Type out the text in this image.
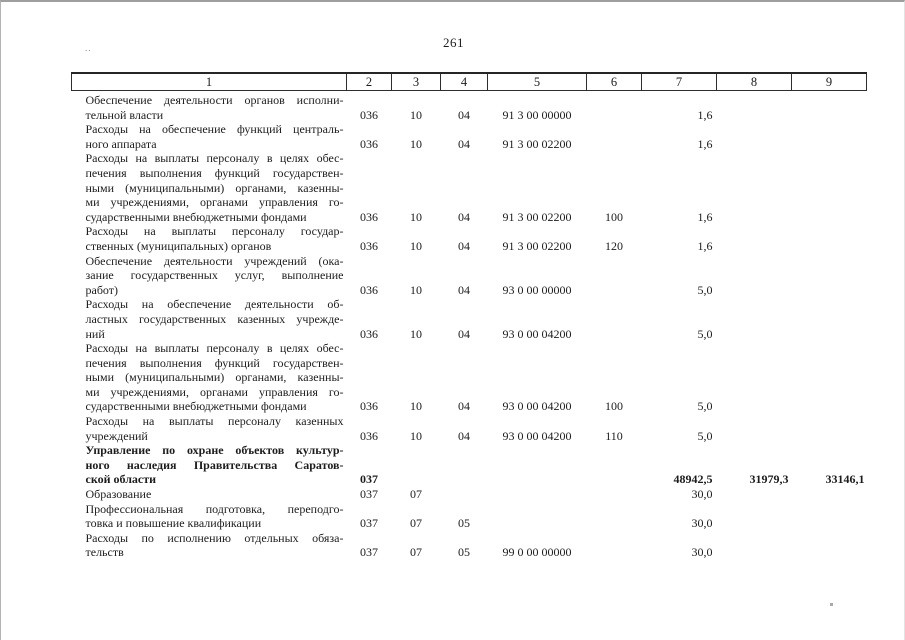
261
..
1	2	3	4	5	6	7	8	9

Обеспечение деятельности органов исполни-
тельной власти	036	10	04	91 3 00 00000		1,6		

Расходы на обеспечение функций централь-
ного аппарата	036	10	04	91 3 00 02200		1,6		

Расходы на выплаты персоналу в целях обес-
печения выполнения функций государствен-
ными (муниципальными) органами, казенны-
ми учреждениями, органами управления го-
сударственными внебюджетными фондами	036	10	04	91 3 00 02200	100	1,6		

Расходы на выплаты персоналу государ-
ственных (муниципальных) органов	036	10	04	91 3 00 02200	120	1,6		

Обеспечение деятельности учреждений (ока-
зание государственных услуг, выполнение
работ)	036	10	04	93 0 00 00000		5,0		

Расходы на обеспечение деятельности об-
ластных государственных казенных учрежде-
ний	036	10	04	93 0 00 04200		5,0		

Расходы на выплаты персоналу в целях обес-
печения выполнения функций государствен-
ными (муниципальными) органами, казенны-
ми учреждениями, органами управления го-
сударственными внебюджетными фондами	036	10	04	93 0 00 04200	100	5,0		

Расходы на выплаты персоналу казенных
учреждений	036	10	04	93 0 00 04200	110	5,0		

Управление по охране объектов культур-
ного наследия Правительства Саратов-
ской области	037					48942,5	31979,3	33146,1

Образование	037	07				30,0		

Профессиональная подготовка, переподго-
товка и повышение квалификации	037	07	05			30,0		

Расходы по исполнению отдельных обяза-
тельств	037	07	05	99 0 00 00000		30,0		
